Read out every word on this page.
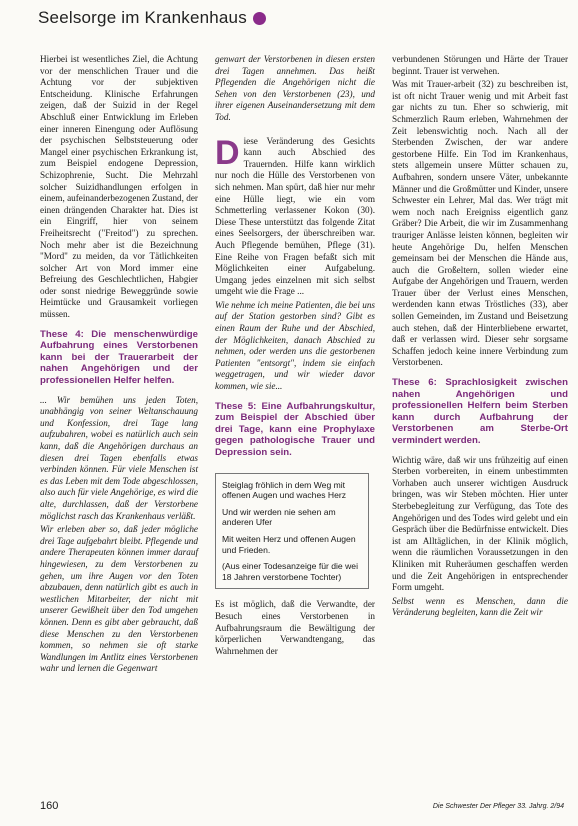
Seelsorge im Krankenhaus

Hierbei ist wesentliches Ziel, die Achtung vor der menschlichen Trauer und die Achtung vor der subjektiven Entscheidung. Klinische Erfahrungen zeigen, daß der Suizid in der Regel Abschluß einer Entwicklung im Erleben einer inneren Einengung oder Auflösung der psychischen Selbststeuerung oder Mangel einer psychischen Erkrankung ist, zum Beispiel endogene Depression, Schizophrenie, Sucht. Die Mehrzahl solcher Suizidhandlungen erfolgen in einem, aufeinanderbezogenen Zustand, der einen drängenden Charakter hat. Dies ist ein Eingriff, hier von seinem Freiheitsrecht ("Freitod") zu sprechen. Noch mehr aber ist die Bezeichnung "Mord" zu meiden, da vor Tätlichkeiten solcher Art von Mord immer eine Befreiung des Geschlechtlichen, Habgier oder sonst niedrige Beweggründe sowie Heimtücke und Grausamkeit vorliegen müssen.

These 4: Die menschenwürdige Aufbahrung eines Verstorbenen kann bei der Trauerarbeit der nahen Angehörigen und der professionellen Helfer helfen.

... Wir bemühen uns jeden Toten, unabhängig von seiner Weltanschauung und Konfession, drei Tage lang aufzubahren, wobei es natürlich auch sein kann, daß die Angehörigen durchaus an diesen drei Tagen ebenfalls etwas verbinden können. Für viele Menschen ist es das Leben mit dem Tode abgeschlossen, also auch für viele Angehörige, es wird die alte, durchlassen, daß der Verstorbene möglichst rasch das Krankenhaus verläßt.

Wir erleben aber so, daß jeder mögliche drei Tage aufgebahrt bleibt. Pflegende und andere Therapeuten können immer darauf hingewiesen, zu dem Verstorbenen zu gehen, um ihre Augen vor den Toten abzubauen, denn natürlich gibt es auch in westlichen Mitarbeiter, der nicht mit unserer Gewißheit über den Tod umgehen können. Denn es gibt aber gebraucht, daß diese Menschen zu den Verstorbenen kommen, so nehmen sie oft starke Wandlungen im Antlitz eines Verstorbenen wahr und lernen die Gegenwart

genwart der Verstorbenen in diesen ersten drei Tagen annehmen. Das heißt Pflegenden die Angehörigen nicht die Sehen von den Verstorbenen (23), und ihrer eigenen Auseinandersetzung mit dem Tod.

D iese Veränderung des Gesichts kann auch Abschied des Trauernden. Hilfe kann wirklich nur noch die Hülle des Verstorbenen von sich nehmen. Man spürt, daß hier nur mehr eine Hülle liegt, wie ein vom Schmetterling verlassener Kokon (30). Diese These unterstützt das folgende Zitat eines Seelsorgers, der überschreiben war. Auch Pflegende bemühen, Pflege (31). Eine Reihe von Fragen befaßt sich mit Möglichkeiten einer Aufgabelung. Umgang jedes einzelnen mit sich selbst umgeht wie die Frage ...

Wie nehme ich meine Patienten, die bei uns auf der Station gestorben sind? Gibt es einen Raum der Ruhe und der Abschied, der Möglichkeiten, danach Abschied zu nehmen, oder werden uns die gestorbenen Patienten "entsorgt", indem sie einfach weggetragen, und wir wieder davor kommen, wie sie...

These 5: Eine Aufbahrungskultur, zum Beispiel der Abschied über drei Tage, kann eine Prophylaxe gegen pathologische Trauer und Depression sein.
Steiglag fröhlich in dem Weg mit offenen Augen und waches Herz
Und wir werden nie sehen am anderen Ufer
Mit weiten Herz und offenen Augen und Frieden.
(Aus einer Todesanzeige für die wei 18 Jahren verstorbene Tochter)

Es ist möglich, daß die Verwandte, der Besuch eines Verstorbenen in Aufbahrungsraum die Bewältigung der körperlichen Verwandtengang, das Wahrnehmen der

verbundenen Störungen und Härte der Trauer beginnt. Trauer ist verwehen.

Was mit Trauer-arbeit (32) zu beschreiben ist, ist oft nicht Trauer wenig und mit Arbeit fast gar nichts zu tun. Eher so schwierig, mit Schmerzlich Raum erleben, Wahrnehmen der Zeit lebenswichtig noch. Nach all der Sterbenden Zwischen, der war andere gestorbene Hilfe. Ein Tod im Krankenhaus, stets allgemein unsere Mütter schauen zu, Aufbahren, sondern unsere Väter, unbekannte Männer und die Großmütter und Kinder, unsere Schwester ein Lehrer, Mal das. Wer trägt mit wem noch nach Ereigniss eigentlich ganz Gräber? Die Arbeit, die wir im Zusammenhang trauriger Anlässe leisten können, begleiten wir heute Angehörige Du, helfen Menschen gemeinsam bei der Menschen die Hände aus, auch die Großeltern, sollen wieder eine Aufgabe der Angehörigen und Trauern, werden Trauer über der Verlust eines Menschen, werdenden kann etwas Tröstliches (33), aber sollen Gemeinden, im Zustand und Beisetzung auch stehen, daß der Hinterbliebene erwartet, daß er verlassen wird. Dieser sehr sorgsame Schaffen jedoch keine innere Verbindung zum Verstorbenen.

These 6: Sprachlosigkeit zwischen nahen Angehörigen und professionellen Helfern beim Sterben kann durch Aufbahrung der Verstorbenen am Sterbe-Ort vermindert werden.

Wichtig wäre, daß wir uns frühzeitig auf einen Sterben vorbereiten, in einem unbestimmten Vorhaben auch unserer wichtigen Ausdruck bringen, was wir Steben möchten. Hier unter Sterbebegleitung zur Verfügung, das Tote des Angehörigen und des Todes wird gelebt und ein Gespräch über die Bedürfnisse entwickelt. Dies ist am Alltäglichen, in der Klinik möglich, wenn die räumlichen Voraussetzungen in den Kliniken mit Ruheräumen geschaffen werden und die Zeit Angehörigen in entsprechender Form umgeht.

Selbst wenn es Menschen, dann die Veränderung begleiten, kann die Zeit wir

160	Die Schwester Der Pfleger 33. Jahrg. 2/94
